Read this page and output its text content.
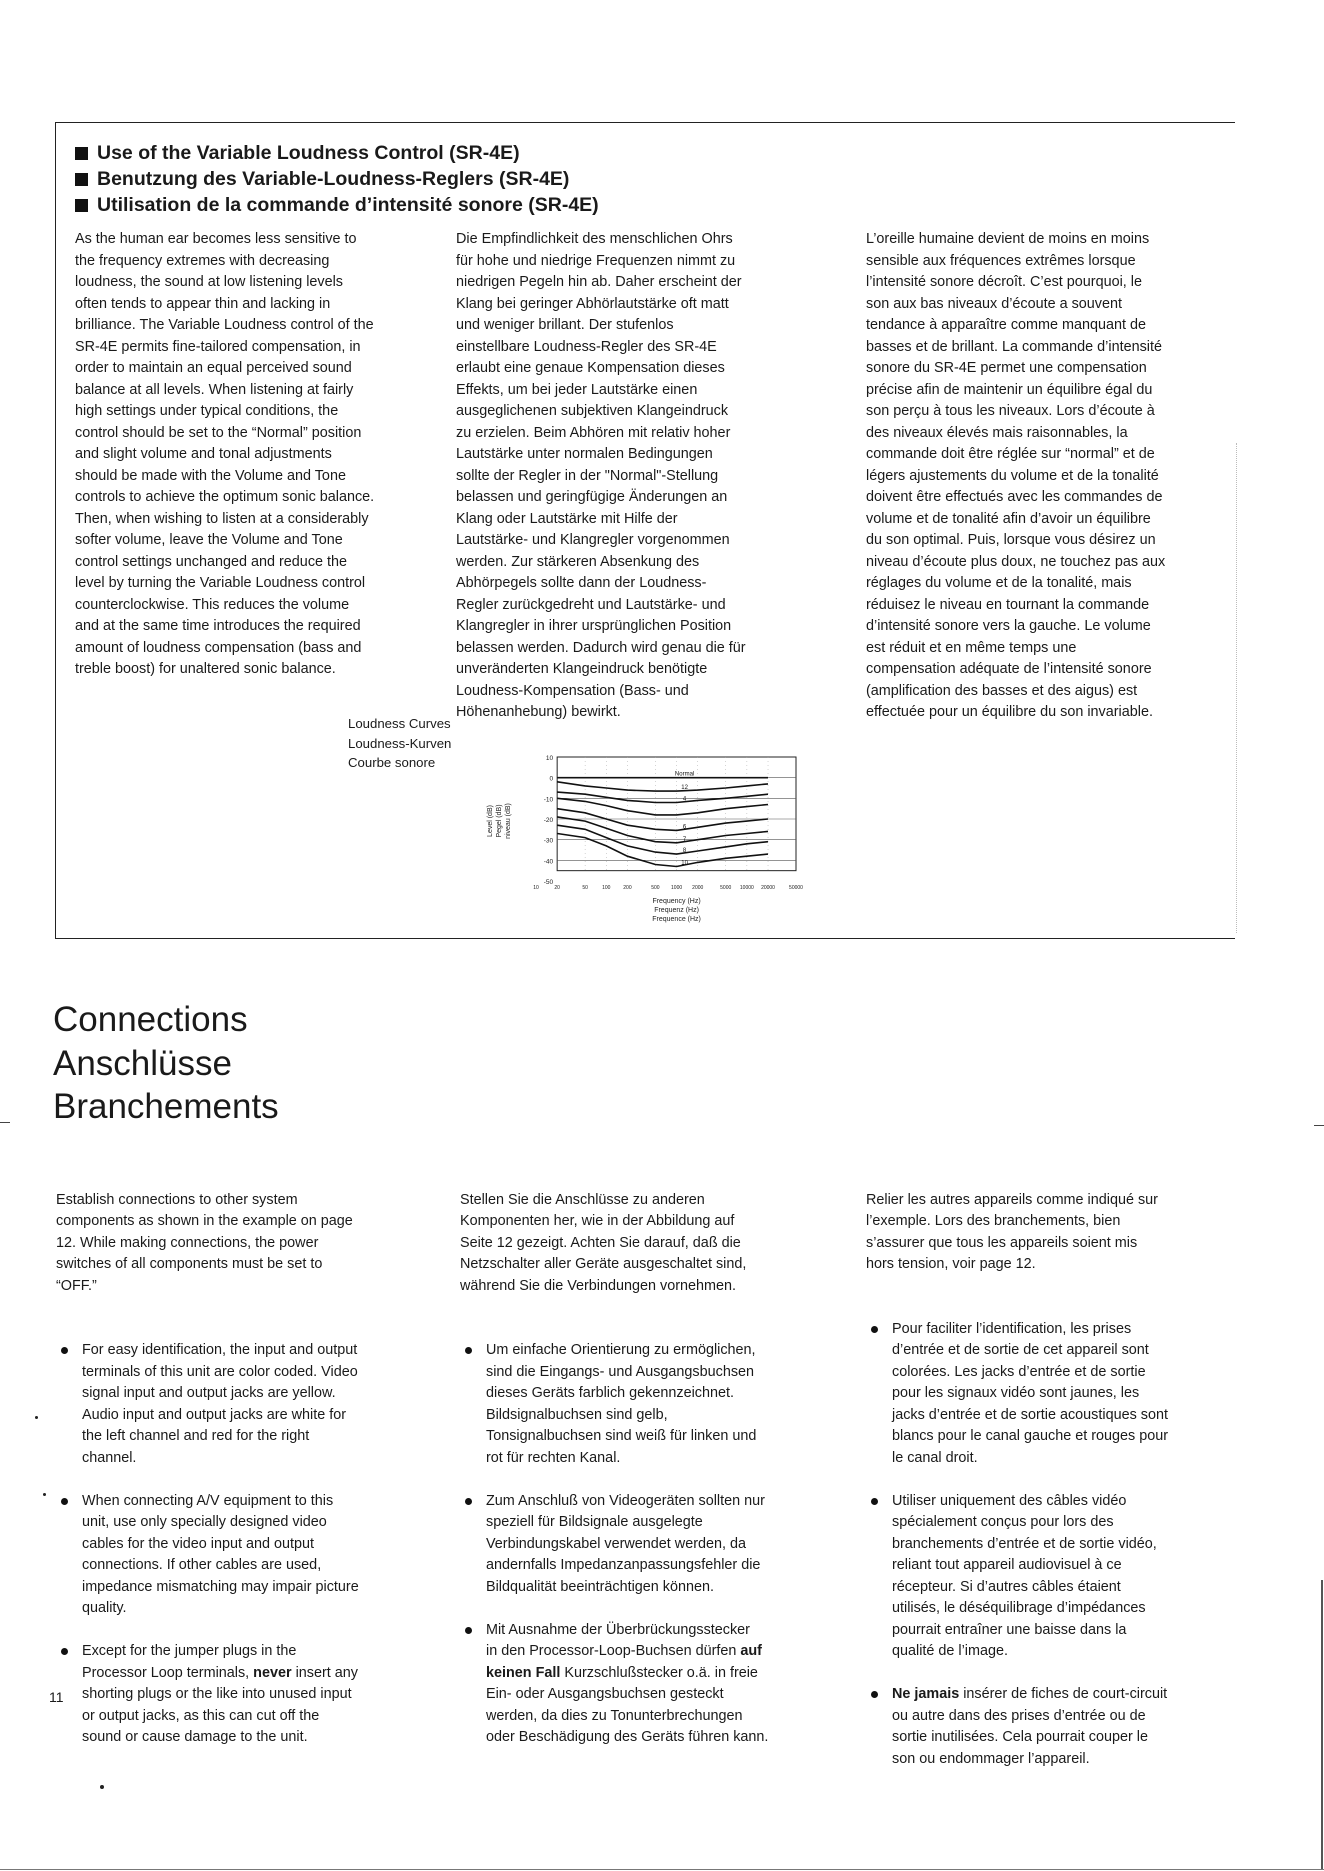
Use of the Variable Loudness Control (SR-4E)
Benutzung des Variable-Loudness-Reglers (SR-4E)
Utilisation de la commande d’intensité sonore (SR-4E)
As the human ear becomes less sensitive to
the frequency extremes with decreasing
loudness, the sound at low listening levels
often tends to appear thin and lacking in
brilliance. The Variable Loudness control of the
SR-4E permits fine-tailored compensation, in
order to maintain an equal perceived sound
balance at all levels. When listening at fairly
high settings under typical conditions, the
control should be set to the “Normal” position
and slight volume and tonal adjustments
should be made with the Volume and Tone
controls to achieve the optimum sonic balance.
Then, when wishing to listen at a considerably
softer volume, leave the Volume and Tone
control settings unchanged and reduce the
level by turning the Variable Loudness control
counterclockwise. This reduces the volume
and at the same time introduces the required
amount of loudness compensation (bass and
treble boost) for unaltered sonic balance.
Die Empfindlichkeit des menschlichen Ohrs
für hohe und niedrige Frequenzen nimmt zu
niedrigen Pegeln hin ab. Daher erscheint der
Klang bei geringer Abhörlautstärke oft matt
und weniger brillant. Der stufenlos
einstellbare Loudness-Regler des SR-4E
erlaubt eine genaue Kompensation dieses
Effekts, um bei jeder Lautstärke einen
ausgeglichenen subjektiven Klangeindruck
zu erzielen. Beim Abhören mit relativ hoher
Lautstärke unter normalen Bedingungen
sollte der Regler in der "Normal"-Stellung
belassen und geringfügige Änderungen an
Klang oder Lautstärke mit Hilfe der
Lautstärke- und Klangregler vorgenommen
werden. Zur stärkeren Absenkung des
Abhörpegels sollte dann der Loudness-
Regler zurückgedreht und Lautstärke- und
Klangregler in ihrer ursprünglichen Position
belassen werden. Dadurch wird genau die für
unveränderten Klangeindruck benötigte
Loudness-Kompensation (Bass- und
Höhenanhebung) bewirkt.
L’oreille humaine devient de moins en moins
sensible aux fréquences extrêmes lorsque
l’intensité sonore décroît. C’est pourquoi, le
son aux bas niveaux d’écoute a souvent
tendance à apparaître comme manquant de
basses et de brillant. La commande d’intensité
sonore du SR-4E permet une compensation
précise afin de maintenir un équilibre égal du
son perçu à tous les niveaux. Lors d’écoute à
des niveaux élevés mais raisonnables, la
commande doit être réglée sur “normal” et de
légers ajustements du volume et de la tonalité
doivent être effectués avec les commandes de
volume et de tonalité afin d’avoir un équilibre
du son optimal. Puis, lorsque vous désirez un
niveau d’écoute plus doux, ne touchez pas aux
réglages du volume et de la tonalité, mais
réduisez le niveau en tournant la commande
d’intensité sonore vers la gauche. Le volume
est réduit et en même temps une
compensation adéquate de l’intensité sonore
(amplification des basses et des aigus) est
effectuée pour un équilibre du son invariable.
Loudness Curves
Loudness-Kurven
Courbe sonore	10
0
-10
-20
-30
-40
-50
10	20	50	100	200	500 1000 2000	5000 10000 20000	50000
Level (dB) Pegel (dB) niveau (dB)
Frequency (Hz)
Frequenz (Hz)
Frequence (Hz)
Normal
12
4
6
7
8
10
Connections
Anschlüsse
Branchements

Establish connections to other system
components as shown in the example on page
12. While making connections, the power
switches of all components must be set to
“OFF.”

For easy identification, the input and output
terminals of this unit are color coded. Video
signal input and output jacks are yellow.
Audio input and output jacks are white for
the left channel and red for the right
channel.

When connecting A/V equipment to this
unit, use only specially designed video
cables for the video input and output
connections. If other cables are used,
impedance mismatching may impair picture
quality.

Except for the jumper plugs in the
Processor Loop terminals, never insert any
shorting plugs or the like into unused input
or output jacks, as this can cut off the
sound or cause damage to the unit.

Stellen Sie die Anschlüsse zu anderen
Komponenten her, wie in der Abbildung auf
Seite 12 gezeigt. Achten Sie darauf, daß die
Netzschalter aller Geräte ausgeschaltet sind,
während Sie die Verbindungen vornehmen.

Um einfache Orientierung zu ermöglichen,
sind die Eingangs- und Ausgangsbuchsen
dieses Geräts farblich gekennzeichnet.
Bildsignalbuchsen sind gelb,
Tonsignalbuchsen sind weiß für linken und
rot für rechten Kanal.

Zum Anschluß von Videogeräten sollten nur
speziell für Bildsignale ausgelegte
Verbindungskabel verwendet werden, da
andernfalls Impedanzanpassungsfehler die
Bildqualität beeinträchtigen können.

Mit Ausnahme der Überbrückungsstecker
in den Processor-Loop-Buchsen dürfen auf
keinen Fall Kurzschlußstecker o.ä. in freie
Ein- oder Ausgangsbuchsen gesteckt
werden, da dies zu Tonunterbrechungen
oder Beschädigung des Geräts führen kann.

Relier les autres appareils comme indiqué sur
l’exemple. Lors des branchements, bien
s’assurer que tous les appareils soient mis
hors tension, voir page 12.

Pour faciliter l’identification, les prises
d’entrée et de sortie de cet appareil sont
colorées. Les jacks d’entrée et de sortie
pour les signaux vidéo sont jaunes, les
jacks d’entrée et de sortie acoustiques sont
blancs pour le canal gauche et rouges pour
le canal droit.

Utiliser uniquement des câbles vidéo
spécialement conçus pour lors des
branchements d’entrée et de sortie vidéo,
reliant tout appareil audiovisuel à ce
récepteur. Si d’autres câbles étaient
utilisés, le déséquilibrage d’impédances
pourrait entraîner une baisse dans la
qualité de l’image.

Ne jamais insérer de fiches de court-circuit
ou autre dans des prises d’entrée ou de
sortie inutilisées. Cela pourrait couper le
son ou endommager l’appareil.

11
